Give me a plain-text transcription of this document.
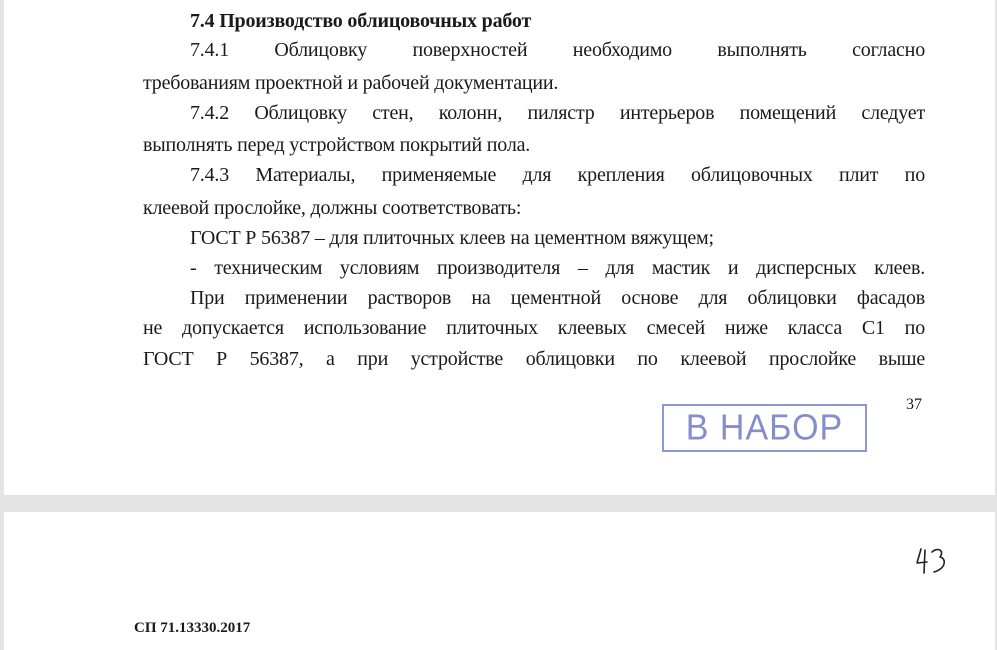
7.4 Производство облицовочных работ
7.4.1 Облицовку поверхностей необходимо выполнять согласно
требованиям проектной и рабочей документации.
7.4.2 Облицовку стен, колонн, пилястр интерьеров помещений следует
выполнять перед устройством покрытий пола.
7.4.3 Материалы, применяемые для крепления облицовочных плит по
клеевой прослойке, должны соответствовать:
ГОСТ Р 56387 – для плиточных клеев на цементном вяжущем;
- техническим условиям производителя – для мастик и дисперсных клеев.
При применении растворов на цементной основе для облицовки фасадов
не допускается использование плиточных клеевых смесей ниже класса С1 по
ГОСТ Р 56387, а при устройстве облицовки по клеевой прослойке выше
37
В НАБОР
СП 71.13330.2017
